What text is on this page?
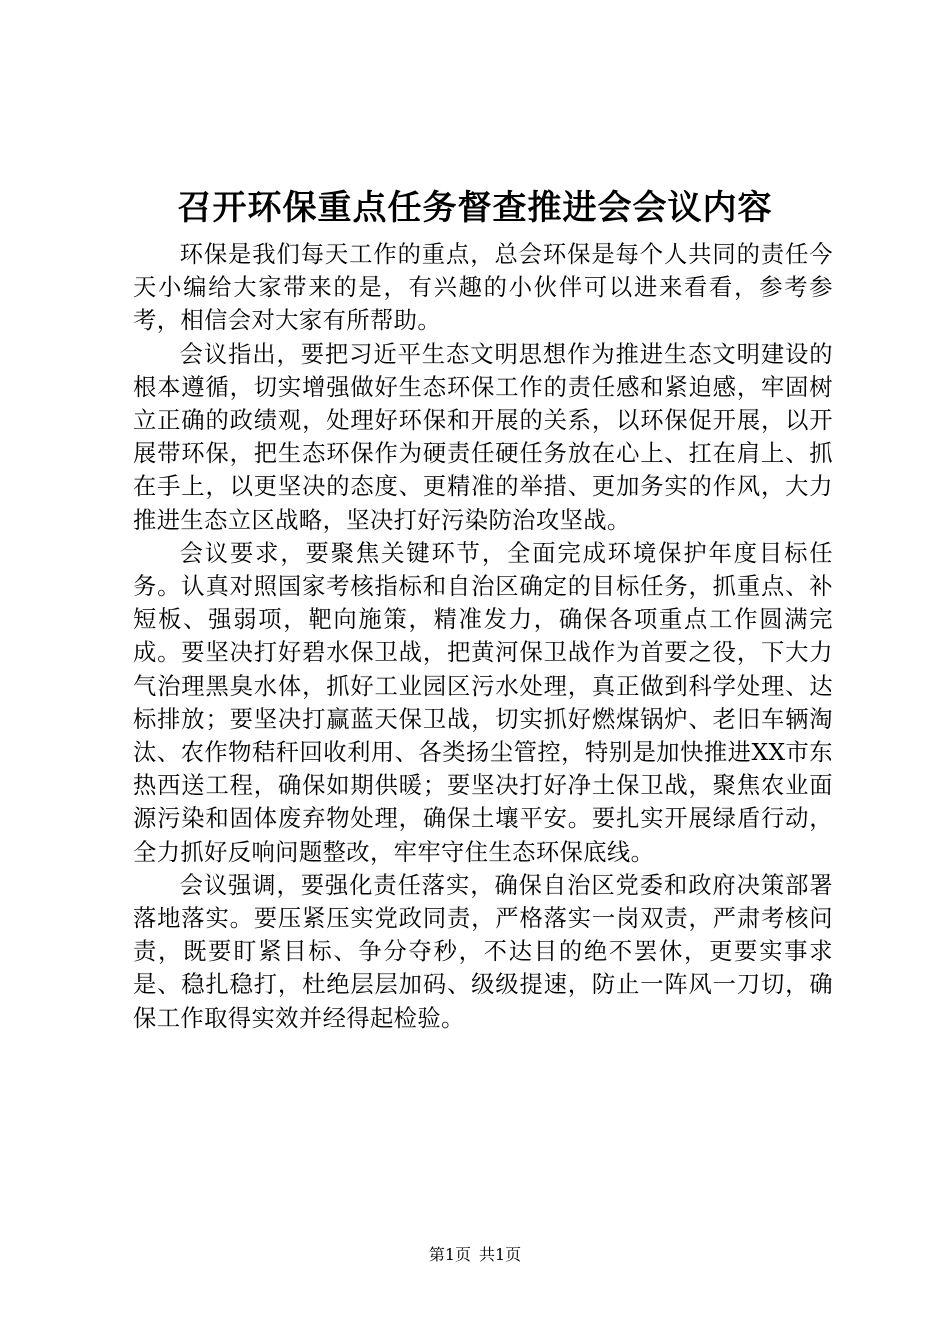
召开环保重点任务督查推进会会议内容

环保是我们每天工作的重点，总会环保是每个人共同的责任今天小编给大家带来的是，有兴趣的小伙伴可以进来看看，参考参考，相信会对大家有所帮助。

会议指出，要把习近平生态文明思想作为推进生态文明建设的根本遵循，切实增强做好生态环保工作的责任感和紧迫感，牢固树立正确的政绩观，处理好环保和开展的关系，以环保促开展，以开展带环保，把生态环保作为硬责任硬任务放在心上、扛在肩上、抓在手上，以更坚决的态度、更精准的举措、更加务实的作风，大力推进生态立区战略，坚决打好污染防治攻坚战。

会议要求，要聚焦关键环节，全面完成环境保护年度目标任务。认真对照国家考核指标和自治区确定的目标任务，抓重点、补短板、强弱项，靶向施策，精准发力，确保各项重点工作圆满完成。要坚决打好碧水保卫战，把黄河保卫战作为首要之役，下大力气治理黑臭水体，抓好工业园区污水处理，真正做到科学处理、达标排放；要坚决打赢蓝天保卫战，切实抓好燃煤锅炉、老旧车辆淘汰、农作物秸秆回收利用、各类扬尘管控，特别是加快推进XX市东热西送工程，确保如期供暖；要坚决打好净土保卫战，聚焦农业面源污染和固体废弃物处理，确保土壤平安。要扎实开展绿盾行动，全力抓好反响问题整改，牢牢守住生态环保底线。

会议强调，要强化责任落实，确保自治区党委和政府决策部署落地落实。要压紧压实党政同责，严格落实一岗双责，严肃考核问责，既要盯紧目标、争分夺秒，不达目的绝不罢休，更要实事求是、稳扎稳打，杜绝层层加码、级级提速，防止一阵风一刀切，确保工作取得实效并经得起检验。

第1页 共1页
